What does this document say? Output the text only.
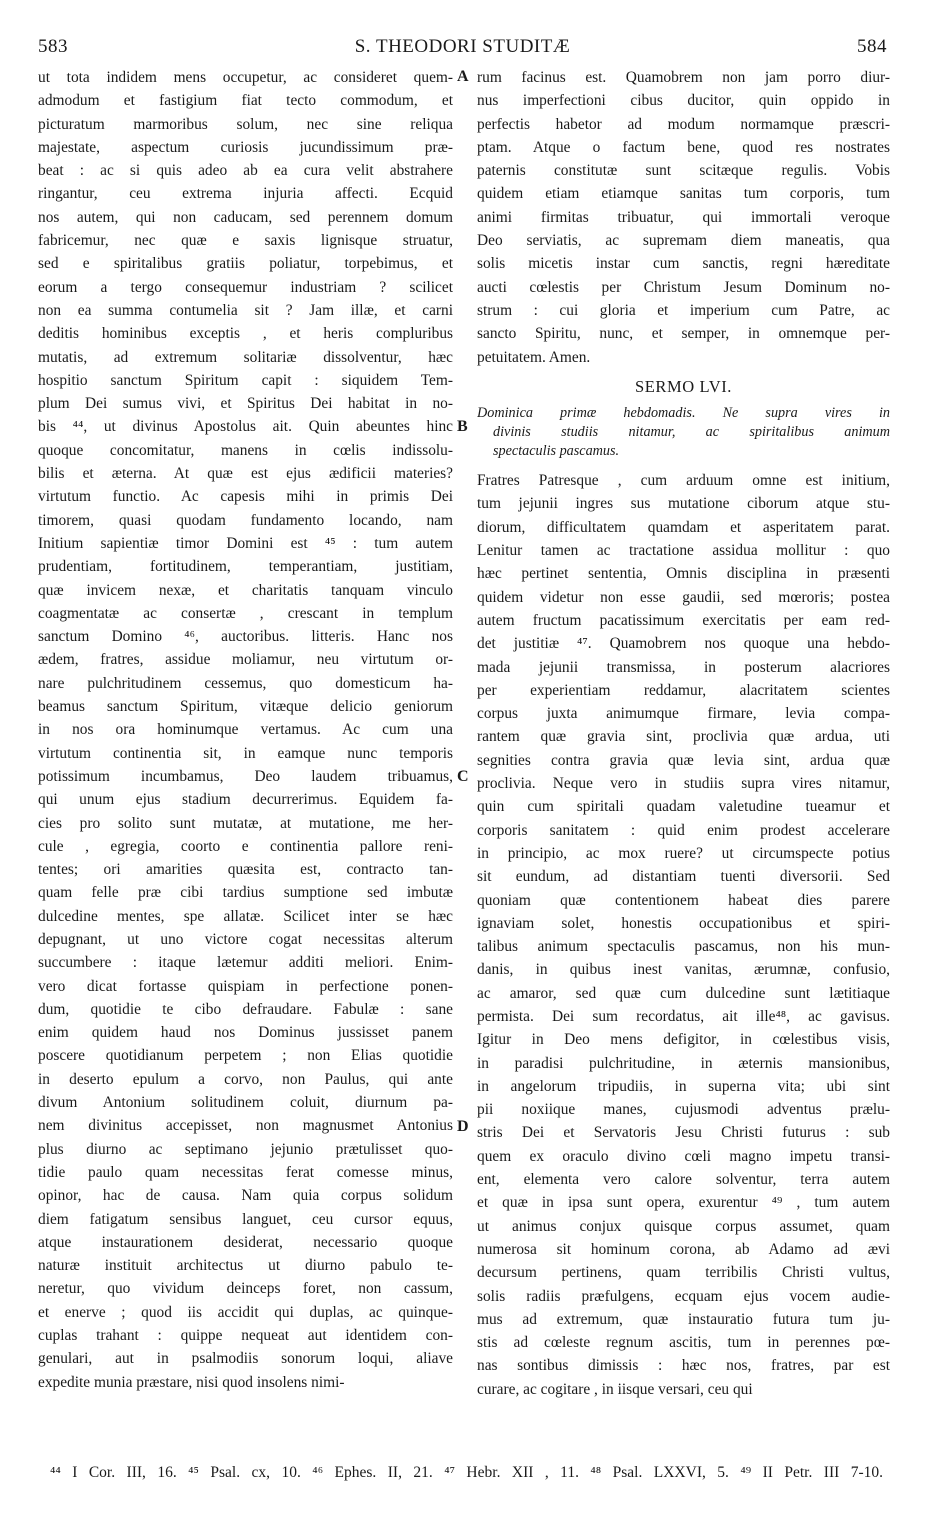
583	S. THEODORI STUDITÆ	584
ut tota indidem mens occupetur, ac consideret quem-
admodum et fastigium fiat tecto commodum, et
picturatum marmoribus solum, nec sine reliqua
majestate, aspectum curiosis jucundissimum præ-
beat : ac si quis adeo ab ea cura velit abstrahere
ringantur, ceu extrema injuria affecti. Ecquid
nos autem, qui non caducam, sed perennem domum
fabricemur, nec quæ e saxis lignisque struatur,
sed e spiritalibus gratiis poliatur, torpebimus, et
eorum a tergo consequemur industriam ? scilicet
non ea summa contumelia sit ? Jam illæ, et carni
deditis hominibus exceptis , et heris compluribus
mutatis, ad extremum solitariæ dissolventur, hæc
hospitio sanctum Spiritum capit : siquidem Tem-
plum Dei sumus vivi, et Spiritus Dei habitat in no-
bis ⁴⁴, ut divinus Apostolus ait. Quin abeuntes hinc
quoque concomitatur, manens in cœlis indissolu-
bilis et æterna. At quæ est ejus ædificii materies?
virtutum functio. Ac capesis mihi in primis Dei
timorem, quasi quodam fundamento locando, nam
Initium sapientiæ timor Domini est ⁴⁵ : tum autem
prudentiam, fortitudinem, temperantiam, justitiam,
quæ invicem nexæ, et charitatis tanquam vinculo
coagmentatæ ac consertæ , crescant in templum
sanctum Domino ⁴⁶, auctoribus. litteris. Hanc nos
ædem, fratres, assidue moliamur, neu virtutum or-
nare pulchritudinem cessemus, quo domesticum ha-
beamus sanctum Spiritum, vitæque delicio geniorum
in nos ora hominumque vertamus. Ac cum una
virtutum continentia sit, in eamque nunc temporis
potissimum incumbamus, Deo laudem tribuamus,
qui unum ejus stadium decurrerimus. Equidem fa-
cies pro solito sunt mutatæ, at mutatione, me her-
cule , egregia, coorto e continentia pallore reni-
tentes; ori amarities quæsita est, contracto tan-
quam felle præ cibi tardius sumptione sed imbutæ
dulcedine mentes, spe allatæ. Scilicet inter se hæc
depugnant, ut uno victore cogat necessitas alterum
succumbere : itaque lætemur additi meliori. Enim-
vero dicat fortasse quispiam in perfectione ponen-
dum, quotidie te cibo defraudare. Fabulæ : sane
enim quidem haud nos Dominus jussisset panem
poscere quotidianum perpetem ; non Elias quotidie
in deserto epulum a corvo, non Paulus, qui ante
divum Antonium solitudinem coluit, diurnum pa-
nem divinitus accepisset, non magnusmet Antonius
plus diurno ac septimano jejunio prætulisset quo-
tidie paulo quam necessitas ferat comesse minus,
opinor, hac de causa. Nam quia corpus solidum
diem fatigatum sensibus languet, ceu cursor equus,
atque instaurationem desiderat, necessario quoque
naturæ instituit architectus ut diurno pabulo te-
neretur, quo vividum deinceps foret, non cassum,
et enerve ; quod iis accidit qui duplas, ac quinque-
cuplas trahant : quippe nequeat aut identidem con-
genulari, aut in psalmodiis sonorum loqui, aliave
expedite munia præstare, nisi quod insolens nimi-
rum facinus est. Quamobrem non jam porro diur-
nus imperfectioni cibus ducitor, quin oppido in
perfectis habetor ad modum normamque præscri-
ptam. Atque o factum bene, quod res nostrates
paternis constitutæ sunt scitæque regulis. Vobis
quidem etiam etiamque sanitas tum corporis, tum
animi firmitas tribuatur, qui immortali veroque
Deo serviatis, ac supremam diem maneatis, qua
solis micetis instar cum sanctis, regni hæreditate
aucti cœlestis per Christum Jesum Dominum no-
strum : cui gloria et imperium cum Patre, ac
sancto Spiritu, nunc, et semper, in omnemque per-
petuitatem. Amen.
SERMO LVI.
Dominica primæ hebdomadis. Ne supra vires in
divinis studiis nitamur, ac spiritalibus animum
spectaculis pascamus.
Fratres Patresque , cum arduum omne est initium,
tum jejunii ingres sus mutatione ciborum atque stu-
diorum, difficultatem quamdam et asperitatem parat.
Lenitur tamen ac tractatione assidua mollitur : quo
hæc pertinet sententia, Omnis disciplina in præsenti
quidem videtur non esse gaudii, sed mœroris; postea
autem fructum pacatissimum exercitatis per eam red-
det justitiæ ⁴⁷. Quamobrem nos quoque una hebdo-
mada jejunii transmissa, in posterum alacriores
per experientiam reddamur, alacritatem scientes
corpus juxta animumque firmare, levia compa-
rantem quæ gravia sint, proclivia quæ ardua, uti
segnities contra gravia quæ levia sint, ardua quæ
proclivia. Neque vero in studiis supra vires nitamur,
quin cum spiritali quadam valetudine tueamur et
corporis sanitatem : quid enim prodest accelerare
in principio, ac mox ruere? ut circumspecte potius
sit eundum, ad distantiam tuenti diversorii. Sed
quoniam quæ contentionem habeat dies parere
ignaviam solet, honestis occupationibus et spiri-
talibus animum spectaculis pascamus, non his mun-
danis, in quibus inest vanitas, ærumnæ, confusio,
ac amaror, sed quæ cum dulcedine sunt lætitiaque
permista. Dei sum recordatus, ait ille⁴⁸, ac gavisus.
Igitur in Deo mens defigitor, in cœlestibus visis,
in paradisi pulchritudine, in æternis mansionibus,
in angelorum tripudiis, in superna vita; ubi sint
pii noxiique manes, cujusmodi adventus prælu-
stris Dei et Servatoris Jesu Christi futurus : sub
quem ex oraculo divino cœli magno impetu transi-
ent, elementa vero calore solventur, terra autem
et quæ in ipsa sunt opera, exurentur ⁴⁹ , tum autem
ut animus conjux quisque corpus assumet, quam
numerosa sit hominum corona, ab Adamo ad ævi
decursum pertinens, quam terribilis Christi vultus,
solis radiis præfulgens, ecquam ejus vocem audie-
mus ad extremum, quæ instauratio futura tum ju-
stis ad cœleste regnum ascitis, tum in perennes pœ-
nas sontibus dimissis : hæc nos, fratres, par est
curare, ac cogitare , in iisque versari, ceu qui
A
B
C
D
⁴⁴ I Cor. III, 16. ⁴⁵ Psal. cx, 10. ⁴⁶ Ephes. II, 21. ⁴⁷ Hebr. XII , 11. ⁴⁸ Psal. LXXVI, 5. ⁴⁹ II Petr. III 7-10.
